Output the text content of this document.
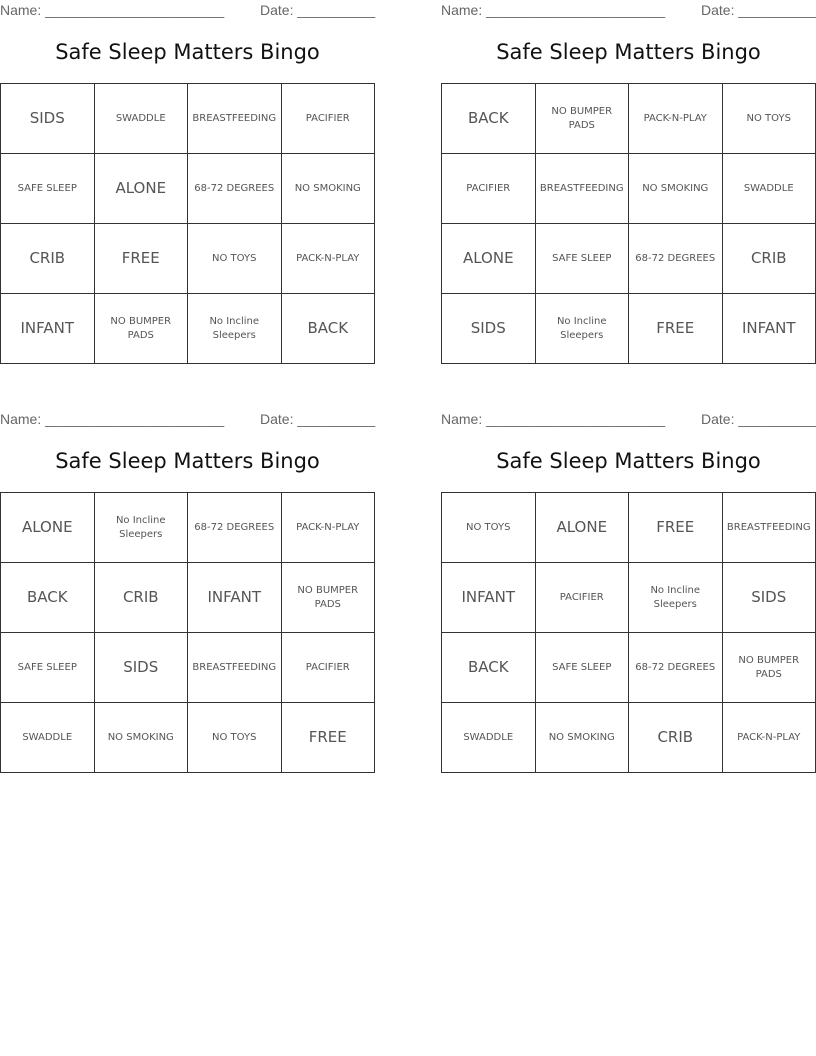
Name: _______________________	Date: __________
Safe Sleep Matters Bingo
SIDS	SWADDLE	BREASTFEEDING	PACIFIER
SAFE SLEEP	ALONE	68-72 DEGREES	NO SMOKING
CRIB	FREE	NO TOYS	PACK-N-PLAY
INFANT	NO BUMPER PADS	No Incline Sleepers	BACK
Name: _______________________	Date: __________
Safe Sleep Matters Bingo
BACK	NO BUMPER PADS	PACK-N-PLAY	NO TOYS
PACIFIER	BREASTFEEDING	NO SMOKING	SWADDLE
ALONE	SAFE SLEEP	68-72 DEGREES	CRIB
SIDS	No Incline Sleepers	FREE	INFANT
Name: _______________________	Date: __________
Safe Sleep Matters Bingo
ALONE	No Incline Sleepers	68-72 DEGREES	PACK-N-PLAY
BACK	CRIB	INFANT	NO BUMPER PADS
SAFE SLEEP	SIDS	BREASTFEEDING	PACIFIER
SWADDLE	NO SMOKING	NO TOYS	FREE
Name: _______________________	Date: __________
Safe Sleep Matters Bingo
NO TOYS	ALONE	FREE	BREASTFEEDING
INFANT	PACIFIER	No Incline Sleepers	SIDS
BACK	SAFE SLEEP	68-72 DEGREES	NO BUMPER PADS
SWADDLE	NO SMOKING	CRIB	PACK-N-PLAY
